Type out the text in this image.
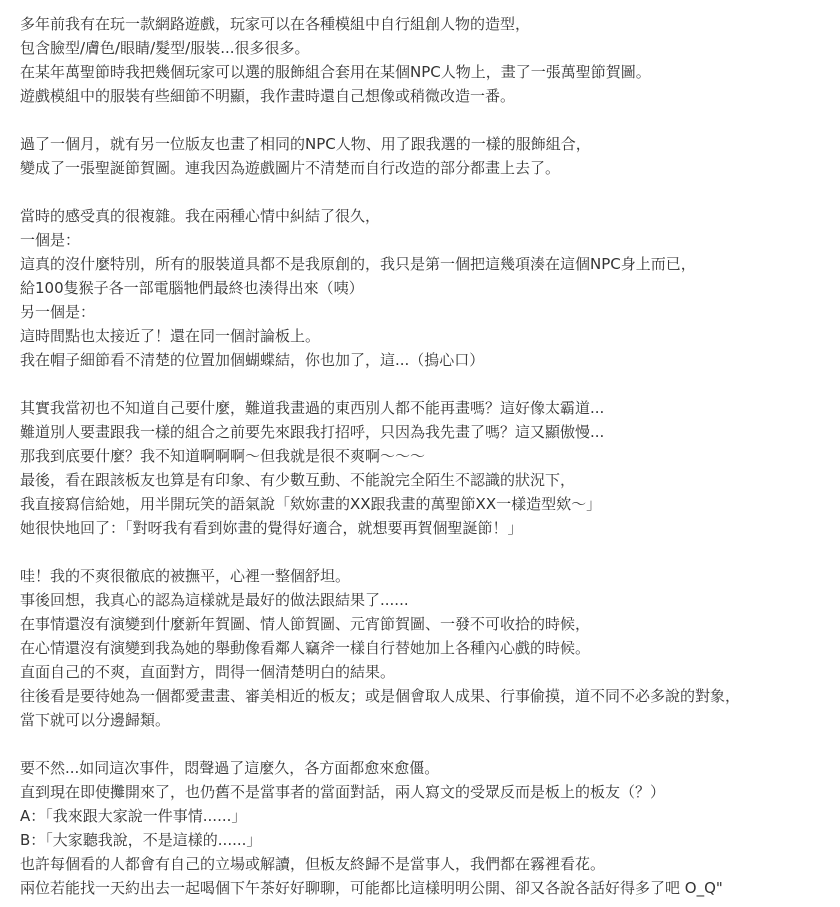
多年前我有在玩一款網路遊戲，玩家可以在各種模組中自行組創人物的造型，
包含臉型/膚色/眼睛/髮型/服裝...很多很多。
在某年萬聖節時我把幾個玩家可以選的服飾組合套用在某個NPC人物上，畫了一張萬聖節賀圖。
遊戲模組中的服裝有些細節不明顯，我作畫時還自己想像或稍微改造一番。
過了一個月，就有另一位版友也畫了相同的NPC人物、用了跟我選的一樣的服飾組合，
變成了一張聖誕節賀圖。連我因為遊戲圖片不清楚而自行改造的部分都畫上去了。
當時的感受真的很複雜。我在兩種心情中糾結了很久，
一個是：
這真的沒什麼特別，所有的服裝道具都不是我原創的，我只是第一個把這幾項湊在這個NPC身上而已，
給100隻猴子各一部電腦牠們最終也湊得出來（咦）
另一個是：
這時間點也太接近了！還在同一個討論板上。
我在帽子細節看不清楚的位置加個蝴蝶結，你也加了，這...（摀心口）
其實我當初也不知道自己要什麼，難道我畫過的東西別人都不能再畫嗎？這好像太霸道...
難道別人要畫跟我一樣的組合之前要先來跟我打招呼，只因為我先畫了嗎？這又顯傲慢...
那我到底要什麼？我不知道啊啊啊～但我就是很不爽啊～～～
最後，看在跟該板友也算是有印象、有少數互動、不能說完全陌生不認識的狀況下，
我直接寫信給她，用半開玩笑的語氣說「欸妳畫的XX跟我畫的萬聖節XX一樣造型欸～」
她很快地回了：「對呀我有看到妳畫的覺得好適合，就想要再賀個聖誕節！」
哇！我的不爽很徹底的被撫平，心裡一整個舒坦。
事後回想，我真心的認為這樣就是最好的做法跟結果了......
在事情還沒有演變到什麼新年賀圖、情人節賀圖、元宵節賀圖、一發不可收拾的時候，
在心情還沒有演變到我為她的舉動像看鄰人竊斧一樣自行替她加上各種內心戲的時候。
直面自己的不爽，直面對方，問得一個清楚明白的結果。
往後看是要待她為一個都愛畫畫、審美相近的板友；或是個會取人成果、行事偷摸，道不同不必多說的對象，
當下就可以分邊歸類。
要不然...如同這次事件，悶聲過了這麼久，各方面都愈來愈僵。
直到現在即使攤開來了，也仍舊不是當事者的當面對話，兩人寫文的受眾反而是板上的板友（？）
A：「我來跟大家說一件事情......」
B：「大家聽我說，不是這樣的......」
也許每個看的人都會有自己的立場或解讀，但板友終歸不是當事人，我們都在霧裡看花。
兩位若能找一天約出去一起喝個下午茶好好聊聊，可能都比這樣明明公開、卻又各說各話好得多了吧 O_Q"
